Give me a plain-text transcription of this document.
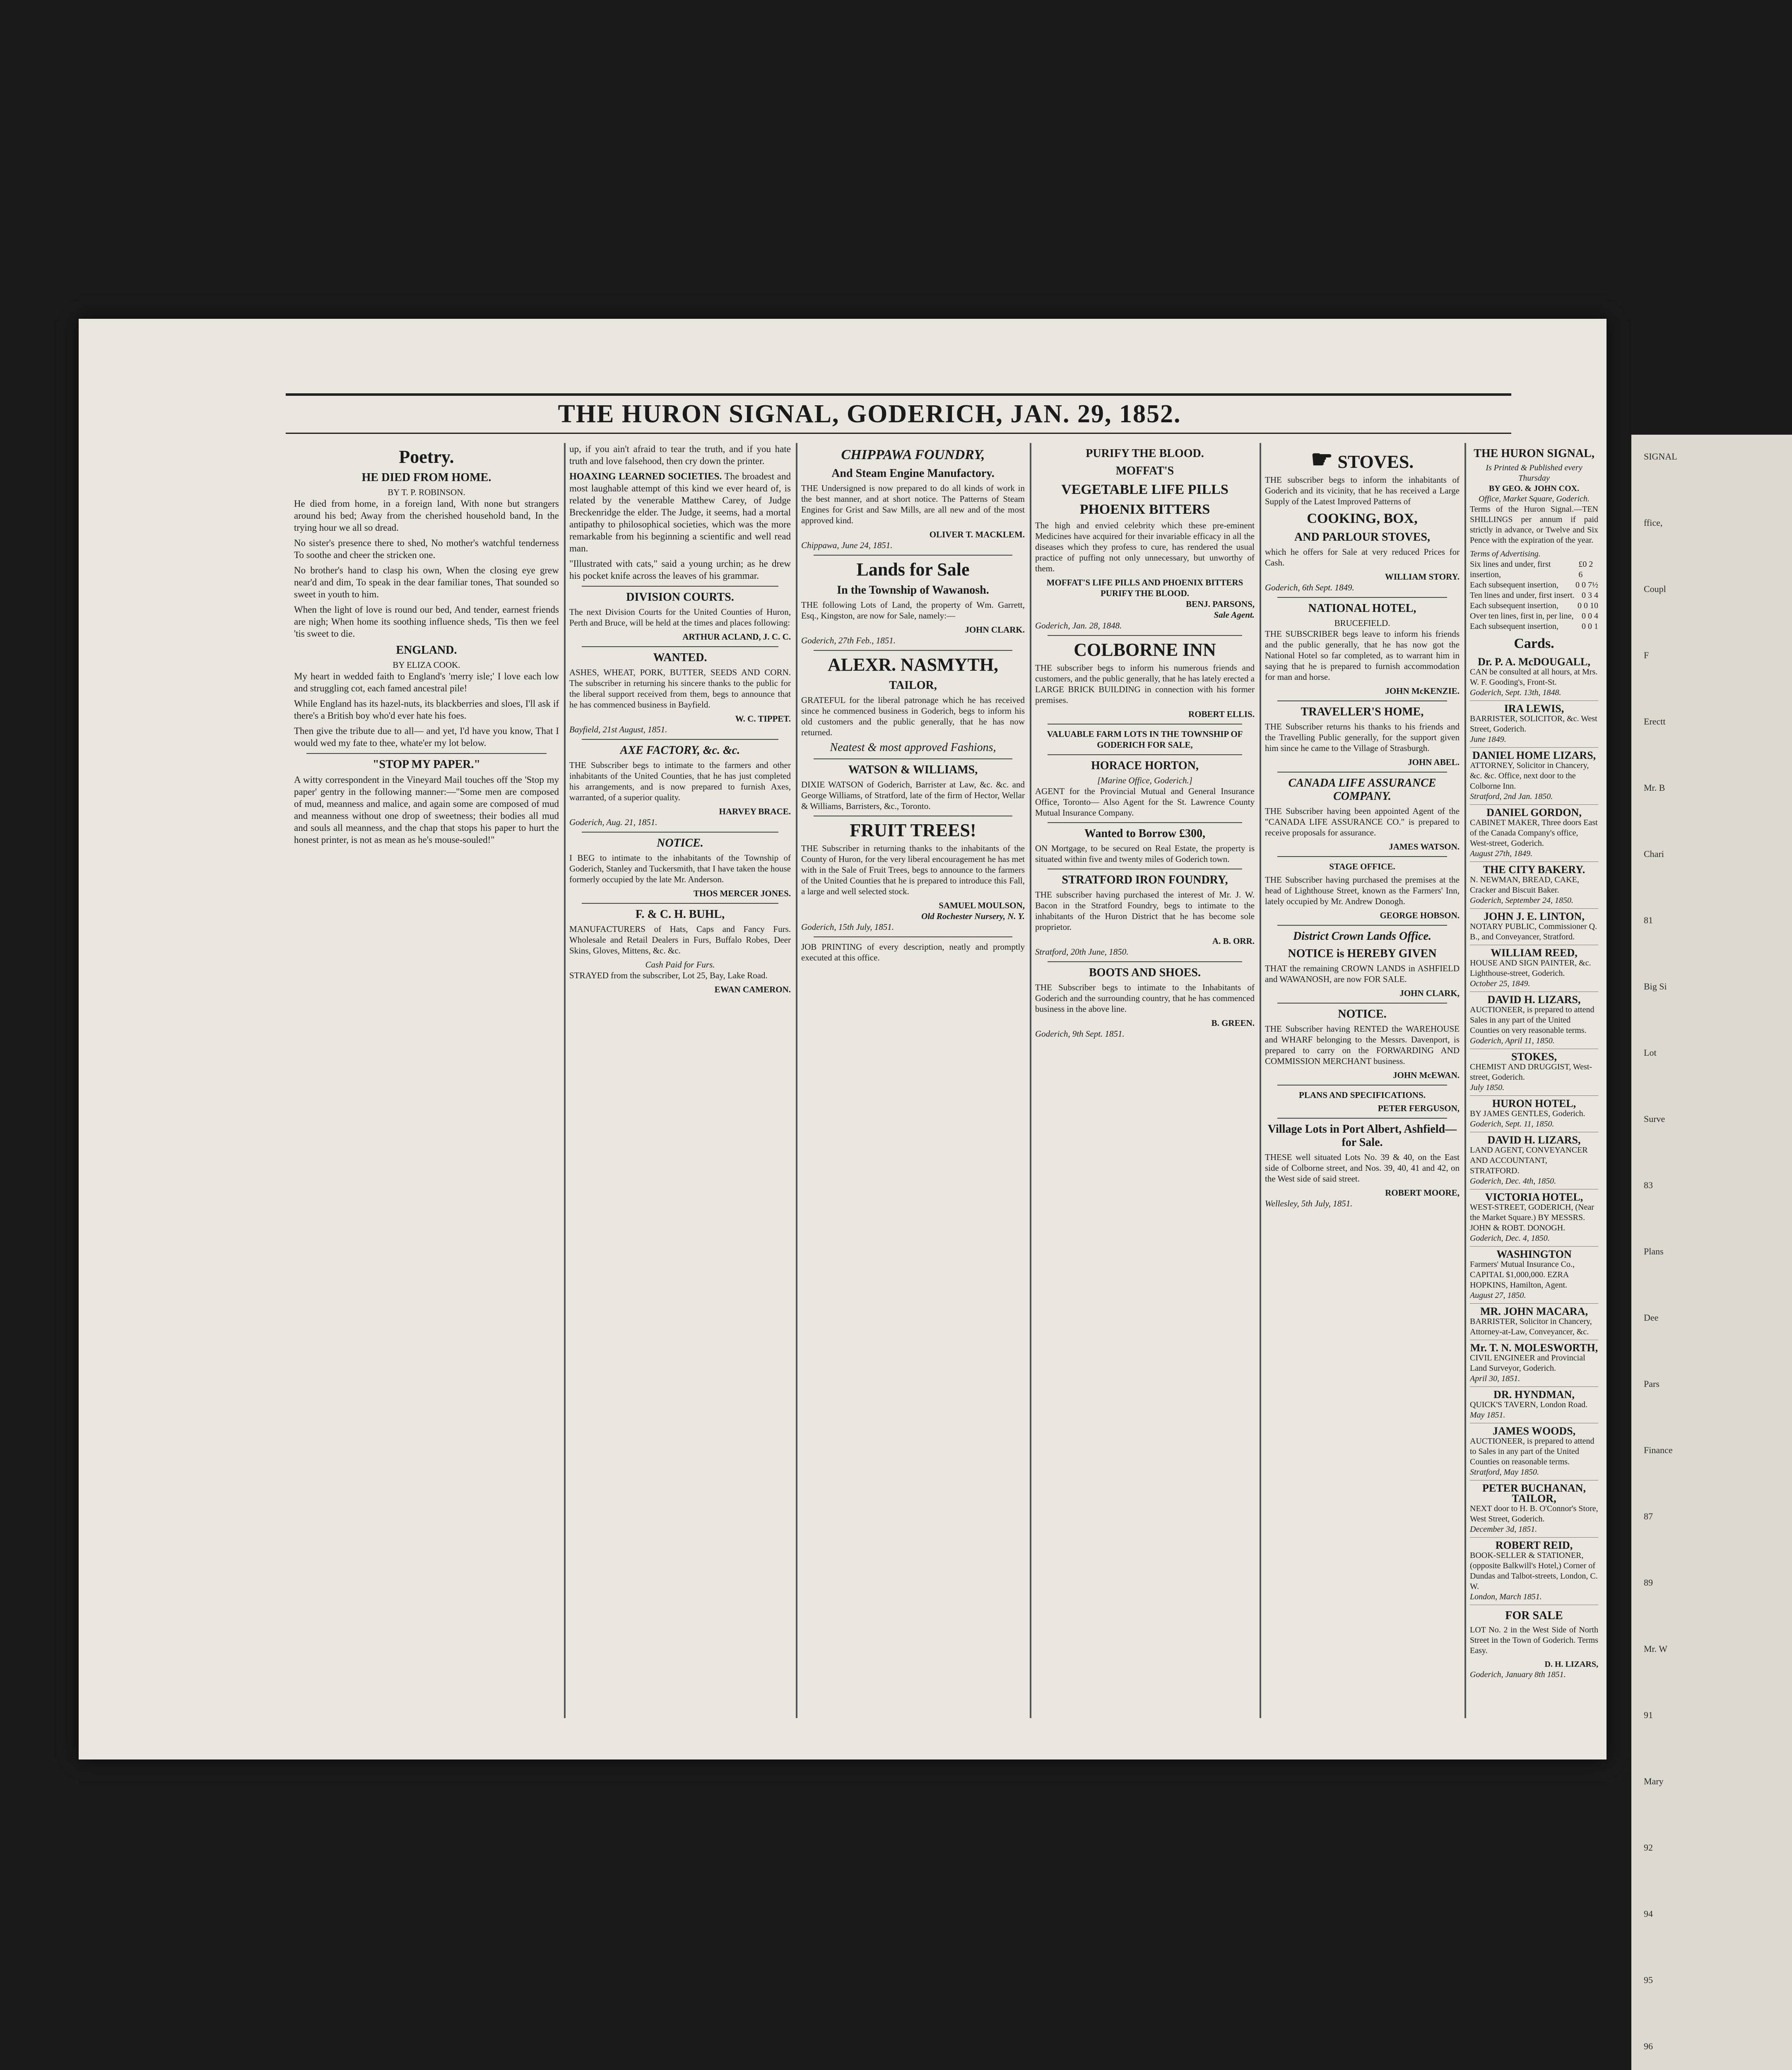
SIGNAL
ffice,
Coupl
F
Erectt
Mr. B
Chari
81
Big Si
Lot
Surve
83
Plans
Dee
Pars
Finance
87
89
Mr. W
91
Mary
92
94
95
96
THE HURON SIGNAL, GODERICH, JAN. 29, 1852.
Poetry.
HE DIED FROM HOME.
BY T. P. ROBINSON.

He died from home, in a foreign land, With none but strangers around his bed; Away from the cherished household band, In the trying hour we all so dread.

No sister's presence there to shed, No mother's watchful tenderness To soothe and cheer the stricken one.

No brother's hand to clasp his own, When the closing eye grew near'd and dim, To speak in the dear familiar tones, That sounded so sweet in youth to him.

When the light of love is round our bed, And tender, earnest friends are nigh; When home its soothing influence sheds, 'Tis then we feel 'tis sweet to die.

ENGLAND.
BY ELIZA COOK.

My heart in wedded faith to England's 'merry isle;' I love each low and struggling cot, each famed ancestral pile!

While England has its hazel-nuts, its blackberries and sloes, I'll ask if there's a British boy who'd ever hate his foes.

Then give the tribute due to all— and yet, I'd have you know, That I would wed my fate to thee, whate'er my lot below.

"STOP MY PAPER."

A witty correspondent in the Vineyard Mail touches off the 'Stop my paper' gentry in the following manner:—"Some men are composed of mud, meanness and malice, and again some are composed of mud and meanness without one drop of sweetness; their bodies all mud and souls all meanness, and the chap that stops his paper to hurt the honest printer, is not as mean as he's mouse-souled!"

up, if you ain't afraid to tear the truth, and if you hate truth and love falsehood, then cry down the printer.

HOAXING LEARNED SOCIETIES. The broadest and most laughable attempt of this kind we ever heard of, is related by the venerable Matthew Carey, of Judge Breckenridge the elder. The Judge, it seems, had a mortal antipathy to philosophical societies, which was the more remarkable from his beginning a scientific and well read man.

"Illustrated with cats," said a young urchin; as he drew his pocket knife across the leaves of his grammar.

DIVISION COURTS.

The next Division Courts for the United Counties of Huron, Perth and Bruce, will be held at the times and places following:

ARTHUR ACLAND, J. C. C.
WANTED.

ASHES, WHEAT, PORK, BUTTER, SEEDS AND CORN. The subscriber in returning his sincere thanks to the public for the liberal support received from them, begs to announce that he has commenced business in Bayfield.

W. C. TIPPET.
Bayfield, 21st August, 1851.
AXE FACTORY, &c. &c.

THE Subscriber begs to intimate to the farmers and other inhabitants of the United Counties, that he has just completed his arrangements, and is now prepared to furnish Axes, warranted, of a superior quality.

HARVEY BRACE.
Goderich, Aug. 21, 1851.
NOTICE.

I BEG to intimate to the inhabitants of the Township of Goderich, Stanley and Tuckersmith, that I have taken the house formerly occupied by the late Mr. Anderson.

THOS MERCER JONES.
F. & C. H. BUHL,

MANUFACTURERS of Hats, Caps and Fancy Furs. Wholesale and Retail Dealers in Furs, Buffalo Robes, Deer Skins, Gloves, Mittens, &c. &c.

Cash Paid for Furs.

STRAYED from the subscriber, Lot 25, Bay, Lake Road.

EWAN CAMERON.
CHIPPAWA FOUNDRY,
And Steam Engine Manufactory.

THE Undersigned is now prepared to do all kinds of work in the best manner, and at short notice. The Patterns of Steam Engines for Grist and Saw Mills, are all new and of the most approved kind.

OLIVER T. MACKLEM.
Chippawa, June 24, 1851.
Lands for Sale
In the Township of Wawanosh.

THE following Lots of Land, the property of Wm. Garrett, Esq., Kingston, are now for Sale, namely:—

JOHN CLARK.
Goderich, 27th Feb., 1851.
ALEXR. NASMYTH,
TAILOR,

GRATEFUL for the liberal patronage which he has received since he commenced business in Goderich, begs to inform his old customers and the public generally, that he has now returned.

Neatest & most approved Fashions,
WATSON & WILLIAMS,

DIXIE WATSON of Goderich, Barrister at Law, &c. &c. and George Williams, of Stratford, late of the firm of Hector, Wellar & Williams, Barristers, &c., Toronto.

FRUIT TREES!

THE Subscriber in returning thanks to the inhabitants of the County of Huron, for the very liberal encouragement he has met with in the Sale of Fruit Trees, begs to announce to the farmers of the United Counties that he is prepared to introduce this Fall, a large and well selected stock.

SAMUEL MOULSON,
Old Rochester Nursery, N. Y.
Goderich, 15th July, 1851.

JOB PRINTING of every description, neatly and promptly executed at this office.

PURIFY THE BLOOD.
MOFFAT'S
VEGETABLE LIFE PILLS
PHOENIX BITTERS

The high and envied celebrity which these pre-eminent Medicines have acquired for their invariable efficacy in all the diseases which they profess to cure, has rendered the usual practice of puffing not only unnecessary, but unworthy of them.

MOFFAT'S LIFE PILLS AND PHOENIX BITTERS PURIFY THE BLOOD.
BENJ. PARSONS,
Sale Agent.
Goderich, Jan. 28, 1848.
COLBORNE INN

THE subscriber begs to inform his numerous friends and customers, and the public generally, that he has lately erected a LARGE BRICK BUILDING in connection with his former premises.

ROBERT ELLIS.
VALUABLE FARM LOTS IN THE TOWNSHIP OF GODERICH FOR SALE,
HORACE HORTON,
[Marine Office, Goderich.]

AGENT for the Provincial Mutual and General Insurance Office, Toronto— Also Agent for the St. Lawrence County Mutual Insurance Company.

Wanted to Borrow £300,

ON Mortgage, to be secured on Real Estate, the property is situated within five and twenty miles of Goderich town.

STRATFORD IRON FOUNDRY,

THE subscriber having purchased the interest of Mr. J. W. Bacon in the Stratford Foundry, begs to intimate to the inhabitants of the Huron District that he has become sole proprietor.

A. B. ORR.
Stratford, 20th June, 1850.
BOOTS AND SHOES.

THE Subscriber begs to intimate to the Inhabitants of Goderich and the surrounding country, that he has commenced business in the above line.

B. GREEN.
Goderich, 9th Sept. 1851.
☛ STOVES.

THE subscriber begs to inform the inhabitants of Goderich and its vicinity, that he has received a Large Supply of the Latest Improved Patterns of

COOKING, BOX,
AND PARLOUR STOVES,

which he offers for Sale at very reduced Prices for Cash.

WILLIAM STORY.
Goderich, 6th Sept. 1849.
NATIONAL HOTEL,
BRUCEFIELD.

THE SUBSCRIBER begs leave to inform his friends and the public generally, that he has now got the National Hotel so far completed, as to warrant him in saying that he is prepared to furnish accommodation for man and horse.

JOHN McKENZIE.
TRAVELLER'S HOME,

THE Subscriber returns his thanks to his friends and the Travelling Public generally, for the support given him since he came to the Village of Strasburgh.

JOHN ABEL.
CANADA LIFE ASSURANCE COMPANY.

THE Subscriber having been appointed Agent of the "CANADA LIFE ASSURANCE CO." is prepared to receive proposals for assurance.

JAMES WATSON.
STAGE OFFICE.

THE Subscriber having purchased the premises at the head of Lighthouse Street, known as the Farmers' Inn, lately occupied by Mr. Andrew Donogh.

GEORGE HOBSON.
District Crown Lands Office.
NOTICE is HEREBY GIVEN

THAT the remaining CROWN LANDS in ASHFIELD and WAWANOSH, are now FOR SALE.

JOHN CLARK,
NOTICE.

THE Subscriber having RENTED the WAREHOUSE and WHARF belonging to the Messrs. Davenport, is prepared to carry on the FORWARDING AND COMMISSION MERCHANT business.

JOHN McEWAN.
PLANS AND SPECIFICATIONS.
PETER FERGUSON,
Village Lots in Port Albert, Ashfield—for Sale.

THESE well situated Lots No. 39 & 40, on the East side of Colborne street, and Nos. 39, 40, 41 and 42, on the West side of said street.

ROBERT MOORE,
Wellesley, 5th July, 1851.
THE HURON SIGNAL,
Is Printed & Published every Thursday
BY GEO. & JOHN COX.
Office, Market Square, Goderich.

Terms of the Huron Signal.—TEN SHILLINGS per annum if paid strictly in advance, or Twelve and Six Pence with the expiration of the year.

Terms of Advertising.
Six lines and under, first insertion,
£0 2 6
Each subsequent insertion, 0 0 7½
Ten lines and under, first insert. 0 3 4
Each subsequent insertion, 0 0 10
Over ten lines, first in, per line, 0 0 4
Each subsequent insertion,	0 0 1
Cards.
Dr. P. A. McDOUGALL,
CAN be consulted at all hours, at Mrs. W. F. Gooding's, Front-St.
Goderich, Sept. 13th, 1848.
IRA LEWIS,
BARRISTER, SOLICITOR, &c. West Street, Goderich.
June 1849.
DANIEL HOME LIZARS,
ATTORNEY, Solicitor in Chancery, &c. &c. Office, next door to the Colborne Inn.
Stratford, 2nd Jan. 1850.
DANIEL GORDON,
CABINET MAKER, Three doors East of the Canada Company's office, West-street, Goderich.
August 27th, 1849.
THE CITY BAKERY.
N. NEWMAN, BREAD, CAKE, Cracker and Biscuit Baker.
Goderich, September 24, 1850.
JOHN J. E. LINTON,
NOTARY PUBLIC, Commissioner Q. B., and Conveyancer, Stratford.
WILLIAM REED,
HOUSE AND SIGN PAINTER, &c. Lighthouse-street, Goderich.
October 25, 1849.
DAVID H. LIZARS,
AUCTIONEER, is prepared to attend Sales in any part of the United Counties on very reasonable terms.
Goderich, April 11, 1850.
STOKES,
CHEMIST AND DRUGGIST, West-street, Goderich.
July 1850.
HURON HOTEL,
BY JAMES GENTLES, Goderich.
Goderich, Sept. 11, 1850.
DAVID H. LIZARS,
LAND AGENT, CONVEYANCER AND ACCOUNTANT, STRATFORD.
Goderich, Dec. 4th, 1850.
VICTORIA HOTEL,
WEST-STREET, GODERICH, (Near the Market Square.) BY MESSRS. JOHN & ROBT. DONOGH.
Goderich, Dec. 4, 1850.
WASHINGTON
Farmers' Mutual Insurance Co., CAPITAL $1,000,000. EZRA HOPKINS, Hamilton, Agent.
August 27, 1850.
MR. JOHN MACARA,
BARRISTER, Solicitor in Chancery, Attorney-at-Law, Conveyancer, &c.
Mr. T. N. MOLESWORTH,
CIVIL ENGINEER and Provincial Land Surveyor, Goderich.
April 30, 1851.
DR. HYNDMAN,
QUICK'S TAVERN, London Road.
May 1851.
JAMES WOODS,
AUCTIONEER, is prepared to attend to Sales in any part of the United Counties on reasonable terms.
Stratford, May 1850.
PETER BUCHANAN, TAILOR,
NEXT door to H. B. O'Connor's Store, West Street, Goderich.
December 3d, 1851.
ROBERT REID,
BOOK-SELLER & STATIONER, (opposite Balkwill's Hotel,) Corner of Dundas and Talbot-streets, London, C. W.
London, March 1851.
FOR SALE

LOT No. 2 in the West Side of North Street in the Town of Goderich. Terms Easy.

D. H. LIZARS,
Goderich, January 8th 1851.
